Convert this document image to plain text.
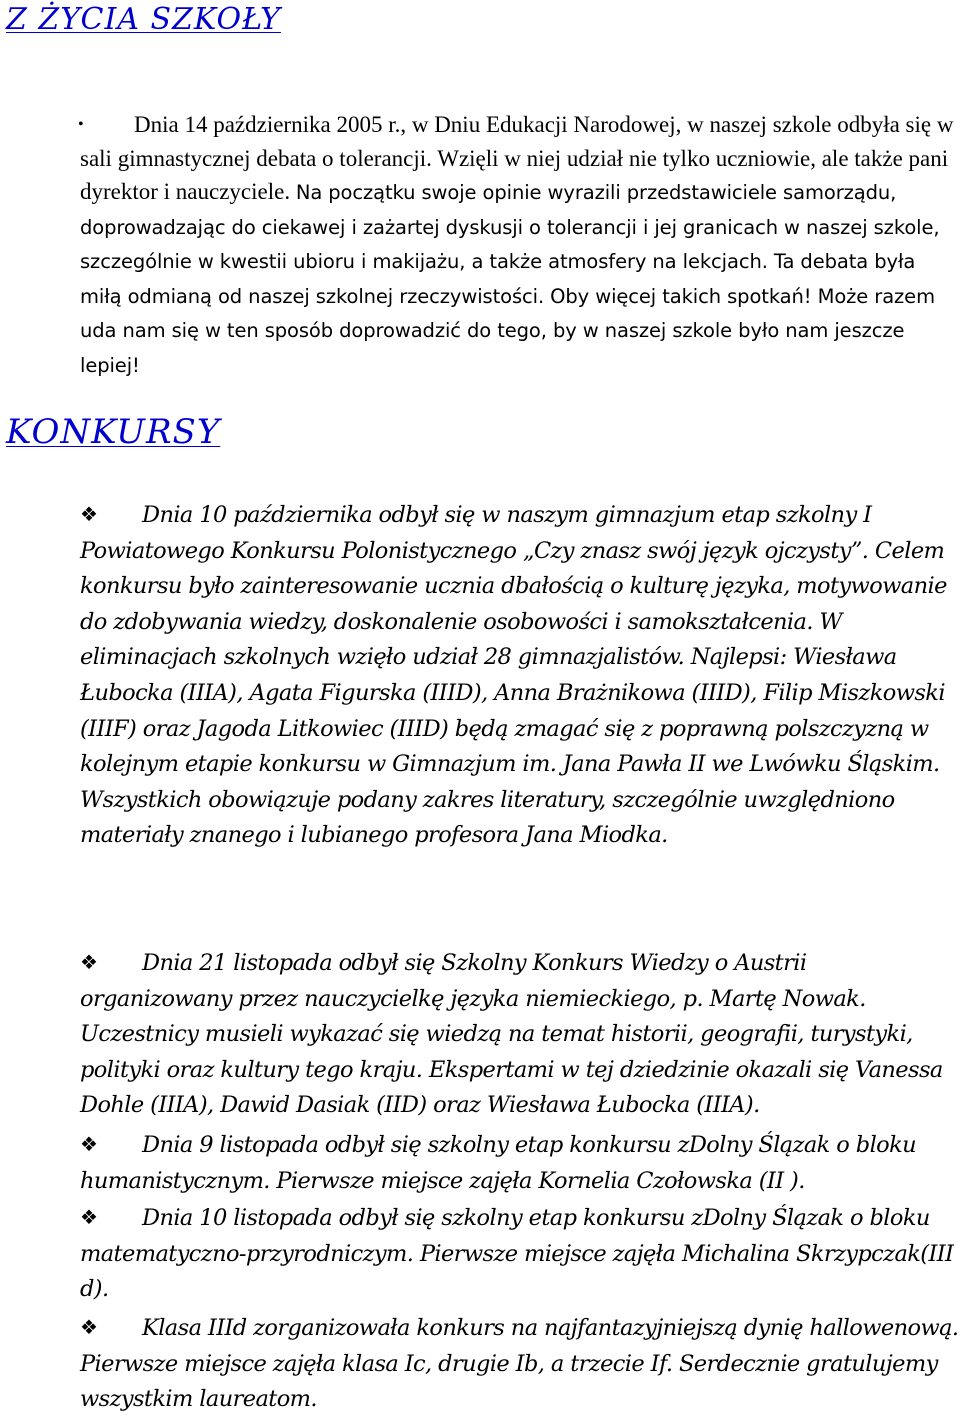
Z ŻYCIA SZKOŁY

• Dnia 14 października 2005 r., w Dniu Edukacji Narodowej, w naszej szkole odbyła się w sali gimnastycznej debata o tolerancji. Wzięli w niej udział nie tylko uczniowie, ale także pani dyrektor i nauczyciele. Na początku swoje opinie wyrazili przedstawiciele samorządu, doprowadzając do ciekawej i zażartej dyskusji o tolerancji i jej granicach w naszej szkole, szczególnie w kwestii ubioru i makijażu, a także atmosfery na lekcjach. Ta debata była miłą odmianą od naszej szkolnej rzeczywistości. Oby więcej takich spotkań! Może razem uda nam się w ten sposób doprowadzić do tego, by w naszej szkole było nam jeszcze lepiej!

KONKURSY

❖ Dnia 10 października odbył się w naszym gimnazjum etap szkolny I Powiatowego Konkursu Polonistycznego „Czy znasz swój język ojczysty”. Celem konkursu było zainteresowanie ucznia dbałością o kulturę języka, motywowanie do zdobywania wiedzy, doskonalenie osobowości i samokształcenia. W eliminacjach szkolnych wzięło udział 28 gimnazjalistów. Najlepsi: Wiesława Łubocka (IIIA), Agata Figurska (IIID), Anna Brażnikowa (IIID), Filip Miszkowski (IIIF) oraz Jagoda Litkowiec (IIID) będą zmagać się z poprawną polszczyzną w kolejnym etapie konkursu w Gimnazjum im. Jana Pawła II we Lwówku Śląskim. Wszystkich obowiązuje podany zakres literatury, szczególnie uwzględniono materiały znanego i lubianego profesora Jana Miodka.

❖ Dnia 21 listopada odbył się Szkolny Konkurs Wiedzy o Austrii organizowany przez nauczycielkę języka niemieckiego, p. Martę Nowak. Uczestnicy musieli wykazać się wiedzą na temat historii, geografii, turystyki, polityki oraz kultury tego kraju. Ekspertami w tej dziedzinie okazali się Vanessa Dohle (IIIA), Dawid Dasiak (IID) oraz Wiesława Łubocka (IIIA).

❖ Dnia 9 listopada odbył się szkolny etap konkursu zDolny Ślązak o bloku humanistycznym. Pierwsze miejsce zajęła Kornelia Czołowska (II ).

❖ Dnia 10 listopada odbył się szkolny etap konkursu zDolny Ślązak o bloku matematyczno-przyrodniczym. Pierwsze miejsce zajęła Michalina Skrzypczak(III d).

❖ Klasa IIId zorganizowała konkurs na najfantazyjniejszą dynię hallowenową. Pierwsze miejsce zajęła klasa Ic, drugie Ib, a trzecie If. Serdecznie gratulujemy wszystkim laureatom.
